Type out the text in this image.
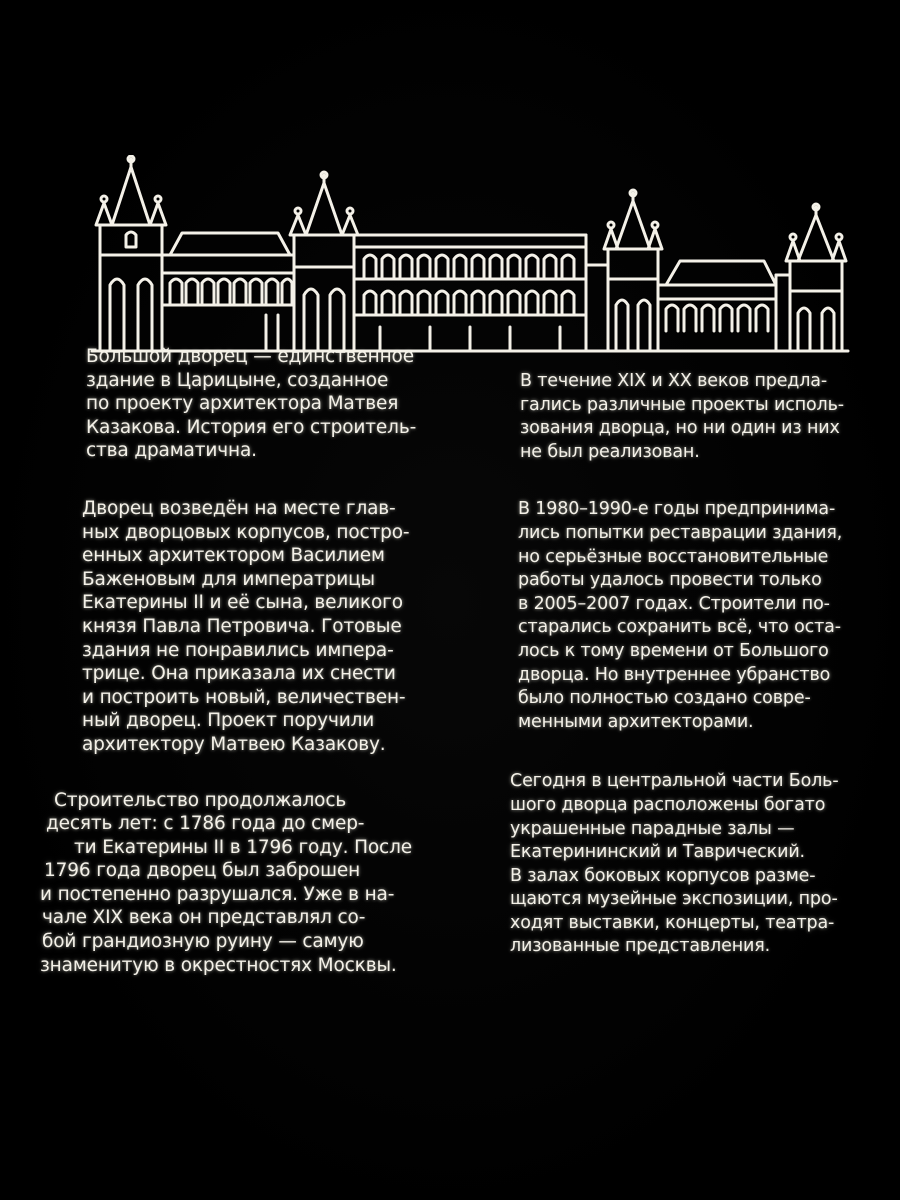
Большой дворец — единственное
здание в Царицыне, созданное
по проекту архитектора Матвея
Казакова. История его строитель-
ства драматична.

Дворец возведён на месте глав-
ных дворцовых корпусов, постро-
енных архитектором Василием
Баженовым для императрицы
Екатерины II и её сына, великого
князя Павла Петровича. Готовые
здания не понравились импера-
трице. Она приказала их снести
и построить новый, величествен-
ный дворец. Проект поручили
архитектору Матвею Казакову.

Строительство продолжалось
десять лет: с 1786 года до смер-
ти Екатерины II в 1796 году. После
1796 года дворец был заброшен
и постепенно разрушался. Уже в на-
чале XIX века он представлял со-
бой грандиозную руину — самую
знаменитую в окрестностях Москвы.

В течение XIX и XX веков предла-
гались различные проекты исполь-
зования дворца, но ни один из них
не был реализован.

В 1980–1990-е годы предпринима-
лись попытки реставрации здания,
но серьёзные восстановительные
работы удалось провести только
в 2005–2007 годах. Строители по-
старались сохранить всё, что оста-
лось к тому времени от Большого
дворца. Но внутреннее убранство
было полностью создано совре-
менными архитекторами.

Сегодня в центральной части Боль-
шого дворца расположены богато
украшенные парадные залы —
Екатерининский и Таврический.
В залах боковых корпусов разме-
щаются музейные экспозиции, про-
ходят выставки, концерты, театра-
лизованные представления.
